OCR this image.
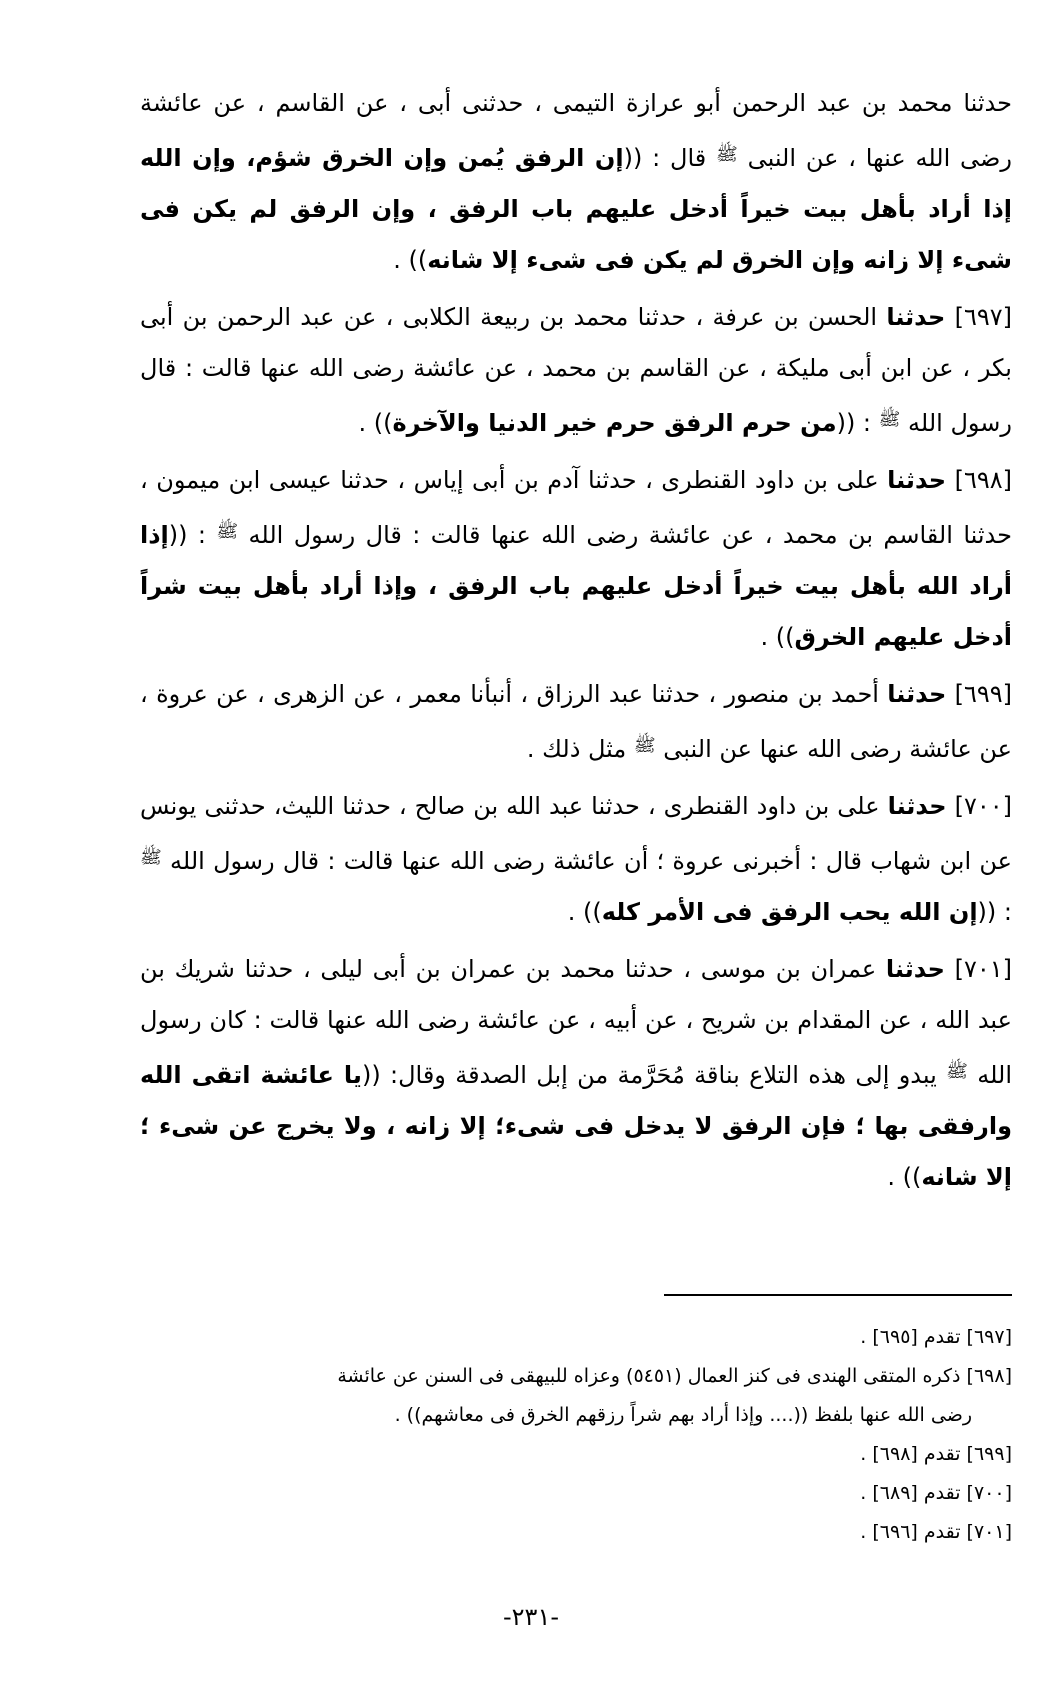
حدثنا محمد بن عبد الرحمن أبو عرازة التيمى ، حدثنى أبى ، عن القاسم ، عن عائشة رضى الله عنها ، عن النبى $^ﷺ$ قال : ((إن الرفق يُمن وإن الخرق شؤم، وإن الله إذا أراد بأهل بيت خيراً أدخل عليهم باب الرفق ، وإن الرفق لم يكن فى شىء إلا زانه وإن الخرق لم يكن فى شىء إلا شانه)) .

[٦٩٧] حدثنا الحسن بن عرفة ، حدثنا محمد بن ربيعة الكلابى ، عن عبد الرحمن بن أبى بكر ، عن ابن أبى مليكة ، عن القاسم بن محمد ، عن عائشة رضى الله عنها قالت : قال رسول الله $^ﷺ$ : ((من حرم الرفق حرم خير الدنيا والآخرة)) .

[٦٩٨] حدثنا على بن داود القنطرى ، حدثنا آدم بن أبى إياس ، حدثنا عيسى ابن ميمون ، حدثنا القاسم بن محمد ، عن عائشة رضى الله عنها قالت : قال رسول الله $^ﷺ$ : ((إذا أراد الله بأهل بيت خيراً أدخل عليهم باب الرفق ، وإذا أراد بأهل بيت شراً أدخل عليهم الخرق)) .

[٦٩٩] حدثنا أحمد بن منصور ، حدثنا عبد الرزاق ، أنبأنا معمر ، عن الزهرى ، عن عروة ، عن عائشة رضى الله عنها عن النبى $^ﷺ$ مثل ذلك .

[٧٠٠] حدثنا على بن داود القنطرى ، حدثنا عبد الله بن صالح ، حدثنا الليث، حدثنى يونس عن ابن شهاب قال : أخبرنى عروة ؛ أن عائشة رضى الله عنها قالت : قال رسول الله $^ﷺ$ : ((إن الله يحب الرفق فى الأمر كله)) .

[٧٠١] حدثنا عمران بن موسى ، حدثنا محمد بن عمران بن أبى ليلى ، حدثنا شريك بن عبد الله ، عن المقدام بن شريح ، عن أبيه ، عن عائشة رضى الله عنها قالت : كان رسول الله $^ﷺ$ يبدو إلى هذه التلاع بناقة مُحَرَّمة من إبل الصدقة وقال: ((يا عائشة اتقى الله وارفقى بها ؛ فإن الرفق لا يدخل فى شىء؛ إلا زانه ، ولا يخرج عن شىء ؛ إلا شانه)) .

[٦٩٧] تقدم [٦٩٥] .

[٦٩٨] ذكره المتقى الهندى فى كنز العمال (٥٤٥١) وعزاه للبيهقى فى السنن عن عائشة

رضى الله عنها بلفظ ((.... وإذا أراد بهم شراً رزقهم الخرق فى معاشهم)) .

[٦٩٩] تقدم [٦٩٨] .

[٧٠٠] تقدم [٦٨٩] .

[٧٠١] تقدم [٦٩٦] .

-٢٣١-
